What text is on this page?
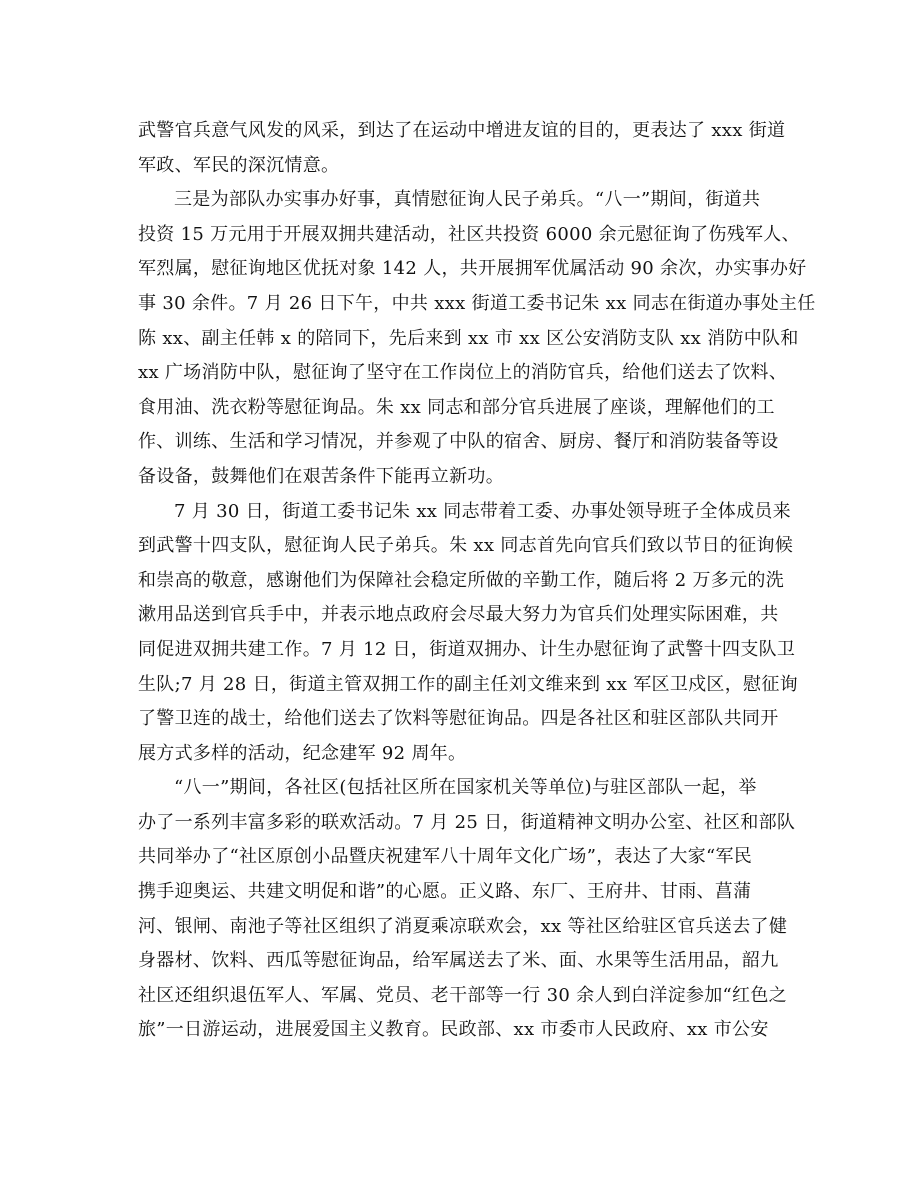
武警官兵意气风发的风采，到达了在运动中增进友谊的目的，更表达了 xxx 街道
军政、军民的深沉情意。
三是为部队办实事办好事，真情慰征询人民子弟兵。“八一”期间，街道共
投资 15 万元用于开展双拥共建活动，社区共投资 6000 余元慰征询了伤残军人、
军烈属，慰征询地区优抚对象 142 人，共开展拥军优属活动 90 余次，办实事办好
事 30 余件。7 月 26 日下午，中共 xxx 街道工委书记朱 xx 同志在街道办事处主任
陈 xx、副主任韩 x 的陪同下，先后来到 xx 市 xx 区公安消防支队 xx 消防中队和
xx 广场消防中队，慰征询了坚守在工作岗位上的消防官兵，给他们送去了饮料、
食用油、洗衣粉等慰征询品。朱 xx 同志和部分官兵进展了座谈，理解他们的工
作、训练、生活和学习情况，并参观了中队的宿舍、厨房、餐厅和消防装备等设
备设备，鼓舞他们在艰苦条件下能再立新功。
7 月 30 日，街道工委书记朱 xx 同志带着工委、办事处领导班子全体成员来
到武警十四支队，慰征询人民子弟兵。朱 xx 同志首先向官兵们致以节日的征询候
和崇高的敬意，感谢他们为保障社会稳定所做的辛勤工作，随后将 2 万多元的洗
漱用品送到官兵手中，并表示地点政府会尽最大努力为官兵们处理实际困难，共
同促进双拥共建工作。7 月 12 日，街道双拥办、计生办慰征询了武警十四支队卫
生队;7 月 28 日，街道主管双拥工作的副主任刘文维来到 xx 军区卫戍区，慰征询
了警卫连的战士，给他们送去了饮料等慰征询品。四是各社区和驻区部队共同开
展方式多样的活动，纪念建军 92 周年。
“八一”期间，各社区(包括社区所在国家机关等单位)与驻区部队一起，举
办了一系列丰富多彩的联欢活动。7 月 25 日，街道精神文明办公室、社区和部队
共同举办了“社区原创小品暨庆祝建军八十周年文化广场”，表达了大家“军民
携手迎奥运、共建文明促和谐”的心愿。正义路、东厂、王府井、甘雨、菖蒲
河、银闸、南池子等社区组织了消夏乘凉联欢会，xx 等社区给驻区官兵送去了健
身器材、饮料、西瓜等慰征询品，给军属送去了米、面、水果等生活用品，韶九
社区还组织退伍军人、军属、党员、老干部等一行 30 余人到白洋淀参加“红色之
旅”一日游运动，进展爱国主义教育。民政部、xx 市委市人民政府、xx 市公安
